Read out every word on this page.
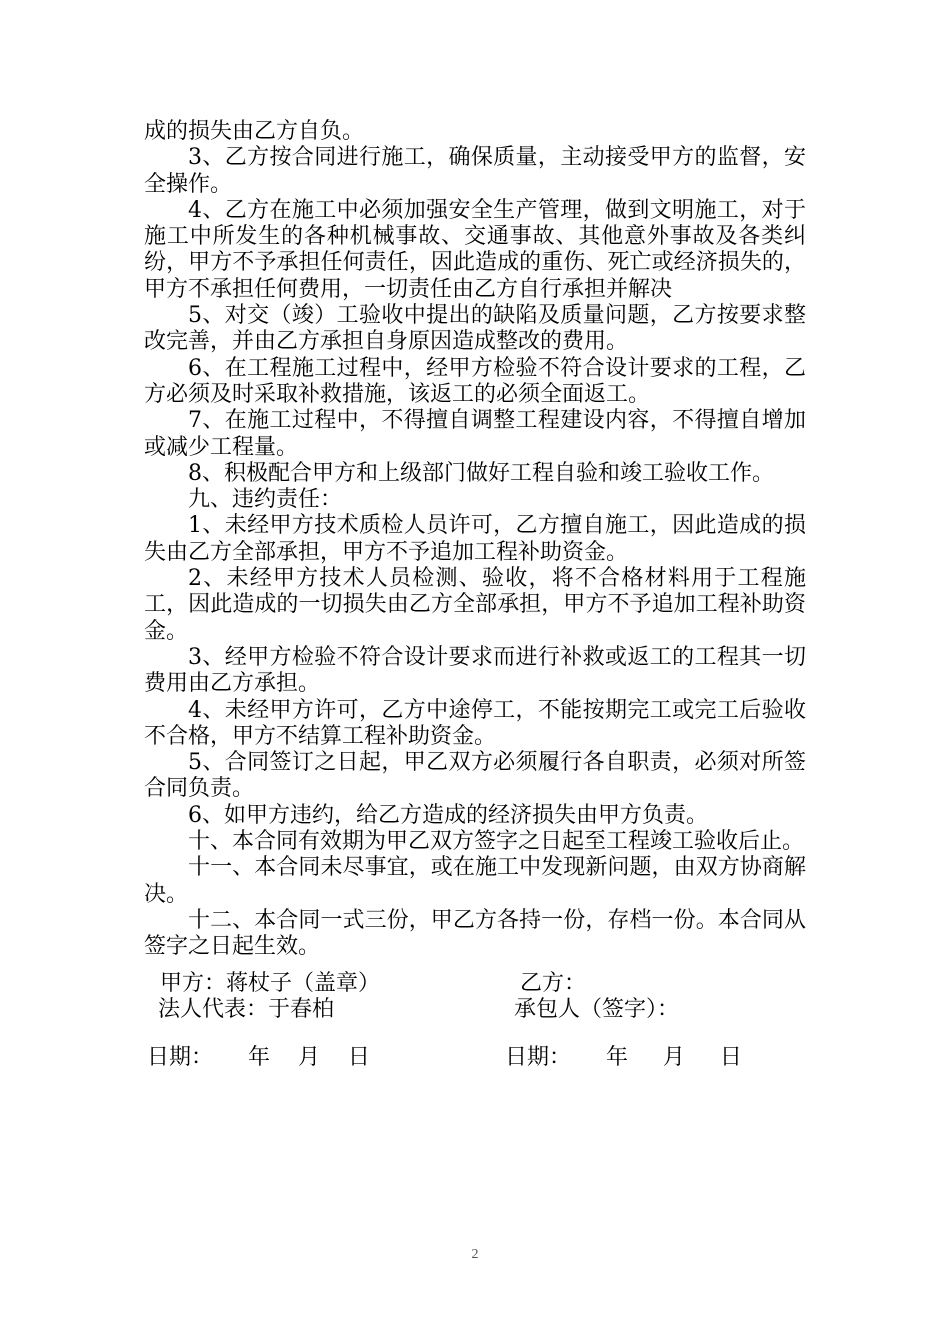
成的损失由乙方自负。

3、乙方按合同进行施工，确保质量，主动接受甲方的监督，安全操作。

4、乙方在施工中必须加强安全生产管理，做到文明施工，对于施工中所发生的各种机械事故、交通事故、其他意外事故及各类纠纷，甲方不予承担任何责任，因此造成的重伤、死亡或经济损失的，甲方不承担任何费用，一切责任由乙方自行承担并解决

5、对交（竣）工验收中提出的缺陷及质量问题，乙方按要求整改完善，并由乙方承担自身原因造成整改的费用。

6、在工程施工过程中，经甲方检验不符合设计要求的工程，乙方必须及时采取补救措施，该返工的必须全面返工。

7、在施工过程中，不得擅自调整工程建设内容，不得擅自增加或减少工程量。

8、积极配合甲方和上级部门做好工程自验和竣工验收工作。

九、违约责任：

1、未经甲方技术质检人员许可，乙方擅自施工，因此造成的损失由乙方全部承担，甲方不予追加工程补助资金。

2、未经甲方技术人员检测、验收，将不合格材料用于工程施工，因此造成的一切损失由乙方全部承担，甲方不予追加工程补助资金。

3、经甲方检验不符合设计要求而进行补救或返工的工程其一切费用由乙方承担。

4、未经甲方许可，乙方中途停工，不能按期完工或完工后验收不合格，甲方不结算工程补助资金。

5、合同签订之日起，甲乙双方必须履行各自职责，必须对所签合同负责。

6、如甲方违约，给乙方造成的经济损失由甲方负责。

十、本合同有效期为甲乙双方签字之日起至工程竣工验收后止。

十一、本合同未尽事宜，或在施工中发现新问题，由双方协商解决。

十二、本合同一式三份，甲乙方各持一份，存档一份。本合同从签字之日起生效。

甲方：蒋杖子（盖章）
法人代表：于春柏
乙方：
承包人（签字）：
日期：     年    月    日	日期：     年     月     日
2
